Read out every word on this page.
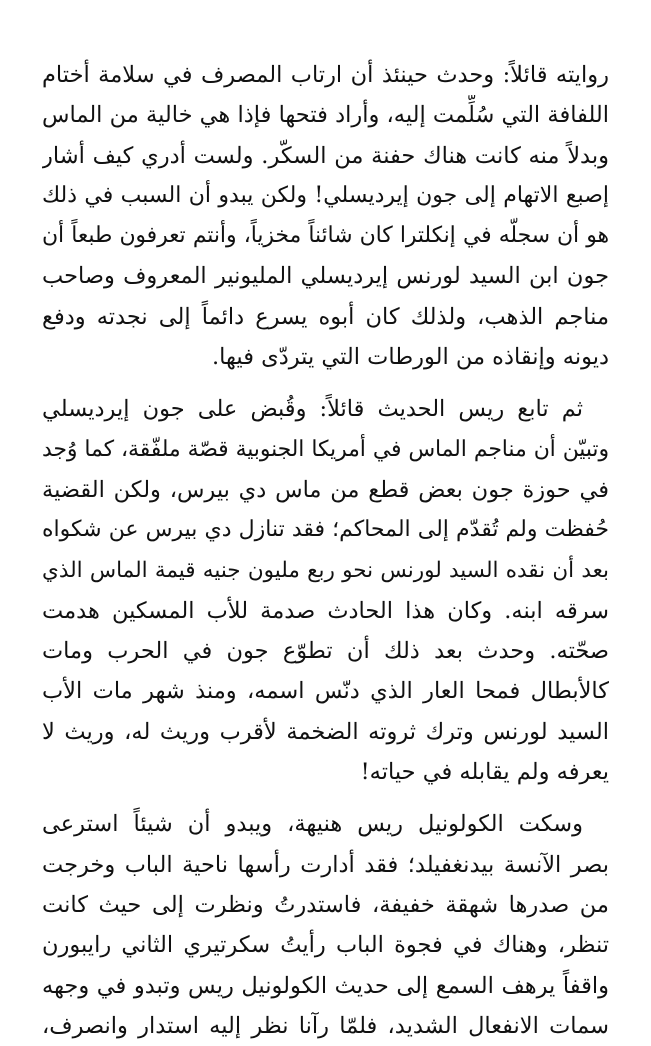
روايته قائلاً: وحدث حينئذ أن ارتاب المصرف في سلامة أختام
اللفافة التي سُلِّمت إليه، وأراد فتحها فإذا هي خالية من الماس
وبدلاً منه كانت هناك حفنة من السكّر. ولست أدري كيف أشار
إصبع الاتهام إلى جون إيرديسلي! ولكن يبدو أن السبب في ذلك
هو أن سجلّه في إنكلترا كان شائناً مخزياً، وأنتم تعرفون طبعاً أن
جون ابن السيد لورنس إيرديسلي المليونير المعروف وصاحب
مناجم الذهب، ولذلك كان أبوه يسرع دائماً إلى نجدته ودفع
ديونه وإنقاذه من الورطات التي يتردّى فيها.
ثم تابع ريس الحديث قائلاً: وقُبض على جون إيرديسلي
وتبيّن أن مناجم الماس في أمريكا الجنوبية قصّة ملفّقة، كما وُجد
في حوزة جون بعض قطع من ماس دي بيرس، ولكن القضية
حُفظت ولم تُقدّم إلى المحاكم؛ فقد تنازل دي بيرس عن شكواه
بعد أن نقده السيد لورنس نحو ربع مليون جنيه قيمة الماس الذي
سرقه ابنه. وكان هذا الحادث صدمة للأب المسكين هدمت
صحّته. وحدث بعد ذلك أن تطوّع جون في الحرب ومات
كالأبطال فمحا العار الذي دنّس اسمه، ومنذ شهر مات الأب
السيد لورنس وترك ثروته الضخمة لأقرب وريث له، وريث لا
يعرفه ولم يقابله في حياته!
وسكت الكولونيل ريس هنيهة، ويبدو أن شيئاً استرعى
بصر الآنسة بيدنغفيلد؛ فقد أدارت رأسها ناحية الباب وخرجت
من صدرها شهقة خفيفة، فاستدرتُ ونظرت إلى حيث كانت
تنظر، وهناك في فجوة الباب رأيتُ سكرتيري الثاني رايبورن
واقفاً يرهف السمع إلى حديث الكولونيل ريس وتبدو في وجهه
سمات الانفعال الشديد، فلمّا رآنا نظر إليه استدار وانصرف،
